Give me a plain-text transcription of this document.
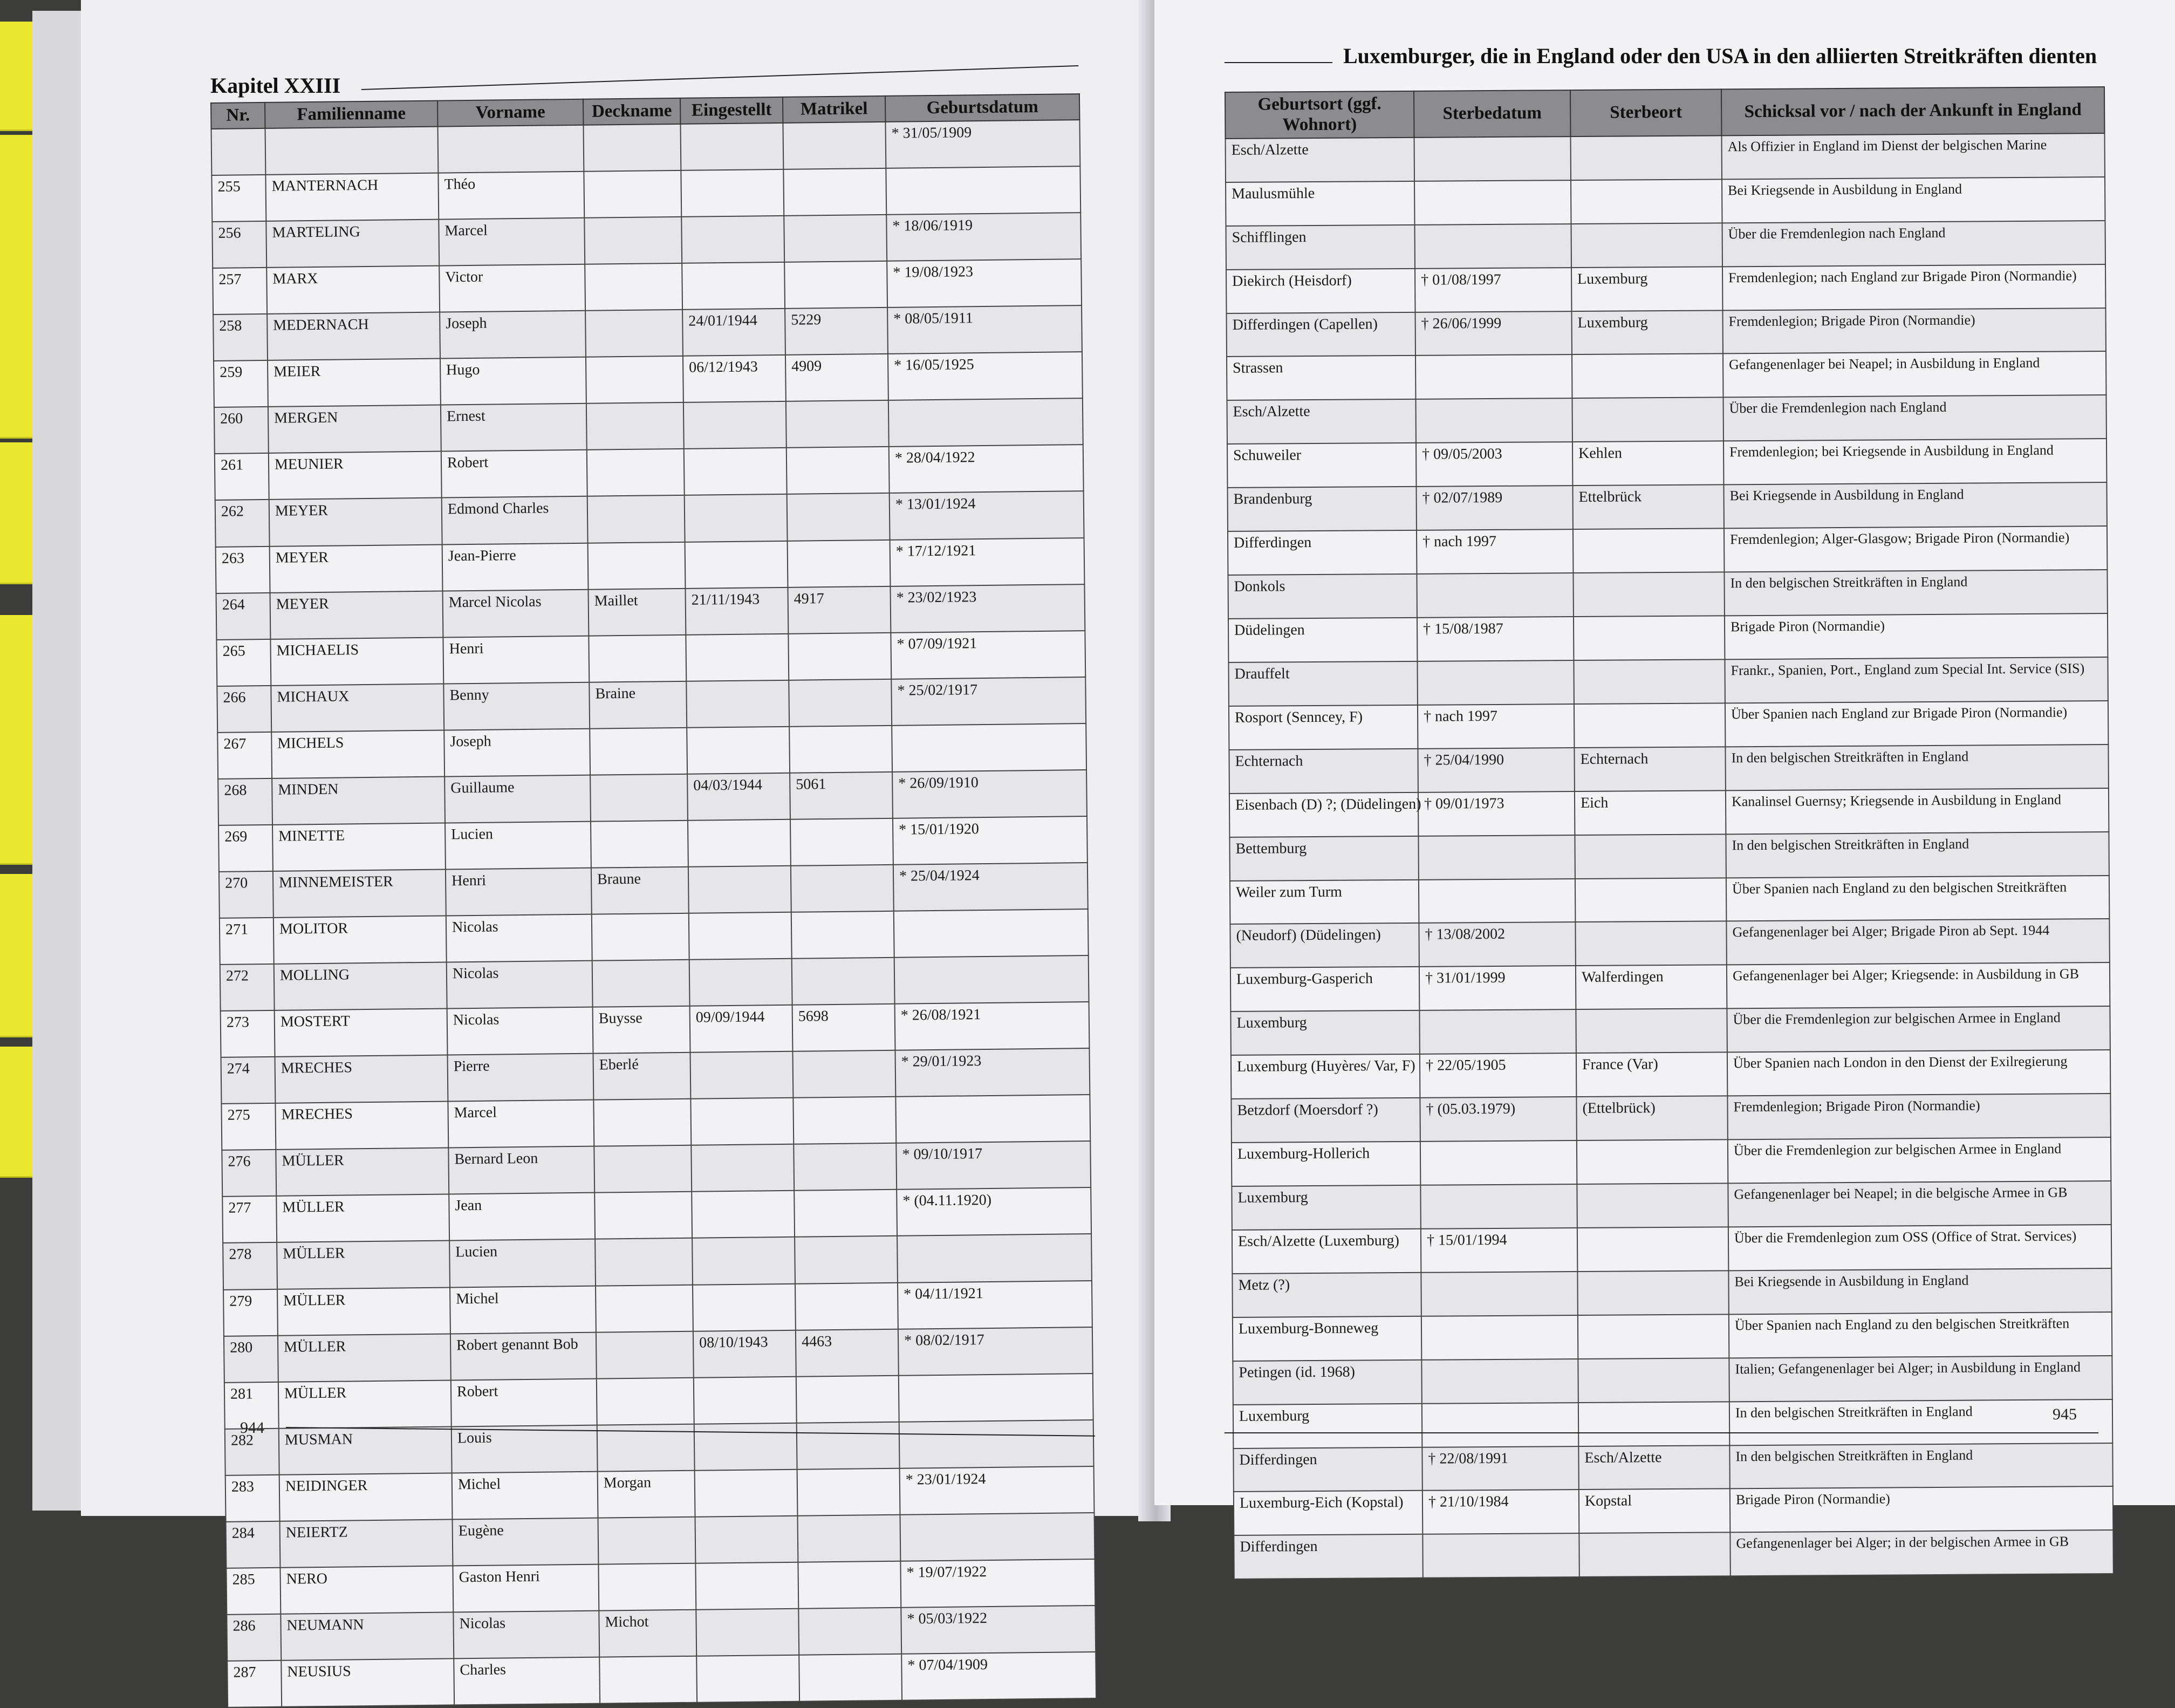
Kapitel XXIII
Nr.	Familienname	Vorname	Deckname	Eingestellt	Matrikel	Geburtsdatum
						* 31/05/1909
255	MANTERNACH	Théo				
256	MARTELING	Marcel				* 18/06/1919
257	MARX	Victor				* 19/08/1923
258	MEDERNACH	Joseph		24/01/1944	5229	* 08/05/1911
259	MEIER	Hugo		06/12/1943	4909	* 16/05/1925
260	MERGEN	Ernest				
261	MEUNIER	Robert				* 28/04/1922
262	MEYER	Edmond Charles				* 13/01/1924
263	MEYER	Jean-Pierre				* 17/12/1921
264	MEYER	Marcel Nicolas	Maillet	21/11/1943	4917	* 23/02/1923
265	MICHAELIS	Henri				* 07/09/1921
266	MICHAUX	Benny	Braine			* 25/02/1917
267	MICHELS	Joseph				
268	MINDEN	Guillaume		04/03/1944	5061	* 26/09/1910
269	MINETTE	Lucien				* 15/01/1920
270	MINNEMEISTER	Henri	Braune			* 25/04/1924
271	MOLITOR	Nicolas				
272	MOLLING	Nicolas				
273	MOSTERT	Nicolas	Buysse	09/09/1944	5698	* 26/08/1921
274	MRECHES	Pierre	Eberlé			* 29/01/1923
275	MRECHES	Marcel				
276	MÜLLER	Bernard Leon				* 09/10/1917
277	MÜLLER	Jean				* (04.11.1920)
278	MÜLLER	Lucien				
279	MÜLLER	Michel				* 04/11/1921
280	MÜLLER	Robert genannt Bob		08/10/1943	4463	* 08/02/1917
281	MÜLLER	Robert				
282	MUSMAN	Louis				
283	NEIDINGER	Michel	Morgan			* 23/01/1924
284	NEIERTZ	Eugène				
285	NERO	Gaston Henri				* 19/07/1922
286	NEUMANN	Nicolas	Michot			* 05/03/1922
287	NEUSIUS	Charles				* 07/04/1909
944
Luxemburger, die in England oder den USA in den alliierten Streitkräften dienten
Geburtsort (ggf. Wohnort)	Sterbedatum	Sterbeort	Schicksal vor / nach der Ankunft in England
Esch/Alzette			Als Offizier in England im Dienst der belgischen Marine
Maulusmühle			Bei Kriegsende in Ausbildung in England
Schifflingen			Über die Fremdenlegion nach England
Diekirch (Heisdorf)	† 01/08/1997	Luxemburg	Fremdenlegion; nach England zur Brigade Piron (Normandie)
Differdingen (Capellen)	† 26/06/1999	Luxemburg	Fremdenlegion; Brigade Piron (Normandie)
Strassen			Gefangenenlager bei Neapel; in Ausbildung in England
Esch/Alzette			Über die Fremdenlegion nach England
Schuweiler	† 09/05/2003	Kehlen	Fremdenlegion; bei Kriegsende in Ausbildung in England
Brandenburg	† 02/07/1989	Ettelbrück	Bei Kriegsende in Ausbildung in England
Differdingen	† nach 1997		Fremdenlegion; Alger-Glasgow; Brigade Piron (Normandie)
Donkols			In den belgischen Streitkräften in England
Düdelingen	† 15/08/1987		Brigade Piron (Normandie)
Drauffelt			Frankr., Spanien, Port., England zum Special Int. Service (SIS)
Rosport (Senncey, F)	† nach 1997		Über Spanien nach England zur Brigade Piron (Normandie)
Echternach	† 25/04/1990	Echternach	In den belgischen Streitkräften in England
Eisenbach (D) ?; (Düdelingen)	† 09/01/1973	Eich	Kanalinsel Guernsy; Kriegsende in Ausbildung in England
Bettemburg			In den belgischen Streitkräften in England
Weiler zum Turm			Über Spanien nach England zu den belgischen Streitkräften
(Neudorf) (Düdelingen)	† 13/08/2002		Gefangenenlager bei Alger; Brigade Piron ab Sept. 1944
Luxemburg-Gasperich	† 31/01/1999	Walferdingen	Gefangenenlager bei Alger; Kriegsende: in Ausbildung in GB
Luxemburg			Über die Fremdenlegion zur belgischen Armee in England
Luxemburg (Huyères/ Var, F)	† 22/05/1905	France (Var)	Über Spanien nach London in den Dienst der Exilregierung
Betzdorf (Moersdorf ?)	† (05.03.1979)	(Ettelbrück)	Fremdenlegion; Brigade Piron (Normandie)
Luxemburg-Hollerich			Über die Fremdenlegion zur belgischen Armee in England
Luxemburg			Gefangenenlager bei Neapel; in die belgische Armee in GB
Esch/Alzette (Luxemburg)	† 15/01/1994		Über die Fremdenlegion zum OSS (Office of Strat. Services)
Metz (?)			Bei Kriegsende in Ausbildung in England
Luxemburg-Bonneweg			Über Spanien nach England zu den belgischen Streitkräften
Petingen (id. 1968)			Italien; Gefangenenlager bei Alger; in Ausbildung in England
Luxemburg			In den belgischen Streitkräften in England
Differdingen	† 22/08/1991	Esch/Alzette	In den belgischen Streitkräften in England
Luxemburg-Eich (Kopstal)	† 21/10/1984	Kopstal	Brigade Piron (Normandie)
Differdingen			Gefangenenlager bei Alger; in der belgischen Armee in GB
945
